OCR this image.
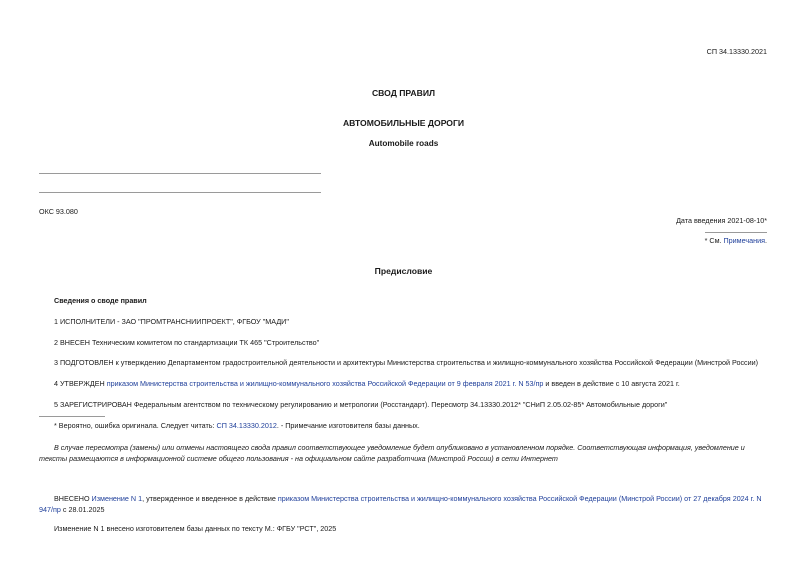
СП 34.13330.2021
СВОД ПРАВИЛ
АВТОМОБИЛЬНЫЕ ДОРОГИ
Automobile roads
ОКС 93.080
Дата введения 2021-08-10*
* См. Примечания.
Предисловие
Сведения о своде правил
1 ИСПОЛНИТЕЛИ - ЗАО "ПРОМТРАНСНИИПРОЕКТ", ФГБОУ "МАДИ"
2 ВНЕСЕН Техническим комитетом по стандартизации ТК 465 "Строительство"
3 ПОДГОТОВЛЕН к утверждению Департаментом градостроительной деятельности и архитектуры Министерства строительства и жилищно-коммунального хозяйства Российской Федерации (Минстрой России)
4 УТВЕРЖДЕН приказом Министерства строительства и жилищно-коммунального хозяйства Российской Федерации от 9 февраля 2021 г. N 53/пр и введен в действие с 10 августа 2021 г.
5 ЗАРЕГИСТРИРОВАН Федеральным агентством по техническому регулированию и метрологии (Росстандарт). Пересмотр 34.13330.2012* "СНиП 2.05.02-85* Автомобильные дороги"
* Вероятно, ошибка оригинала. Следует читать: СП 34.13330.2012. - Примечание изготовителя базы данных.
В случае пересмотра (замены) или отмены настоящего свода правил соответствующее уведомление будет опубликовано в установленном порядке. Соответствующая информация, уведомление и тексты размещаются в информационной системе общего пользования - на официальном сайте разработчика (Минстрой России) в сети Интернет
ВНЕСЕНО Изменение N 1, утвержденное и введенное в действие приказом Министерства строительства и жилищно-коммунального хозяйства Российской Федерации (Минстрой России) от 27 декабря 2024 г. N 947/пр с 28.01.2025
Изменение N 1 внесено изготовителем базы данных по тексту М.: ФГБУ "РСТ", 2025
